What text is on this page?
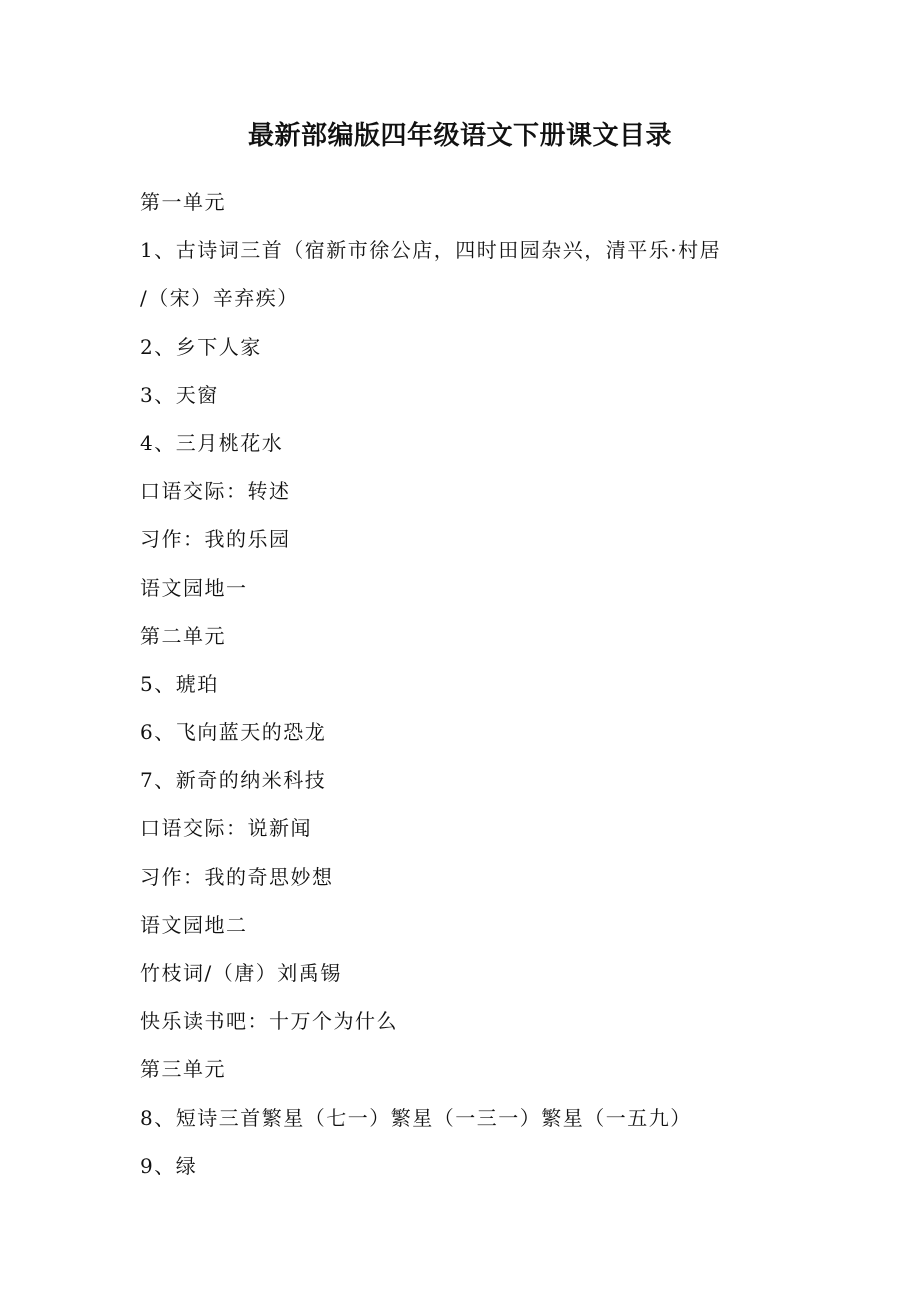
最新部编版四年级语文下册课文目录
第一单元
1、古诗词三首（宿新市徐公店，四时田园杂兴，清平乐·村居
/（宋）辛弃疾）
2、乡下人家
3、天窗
4、三月桃花水
口语交际：转述
习作：我的乐园
语文园地一
第二单元
5、琥珀
6、飞向蓝天的恐龙
7、新奇的纳米科技
口语交际：说新闻
习作：我的奇思妙想
语文园地二
竹枝词/（唐）刘禹锡
快乐读书吧：十万个为什么
第三单元
8、短诗三首繁星（七一）繁星（一三一）繁星（一五九）
9、绿
